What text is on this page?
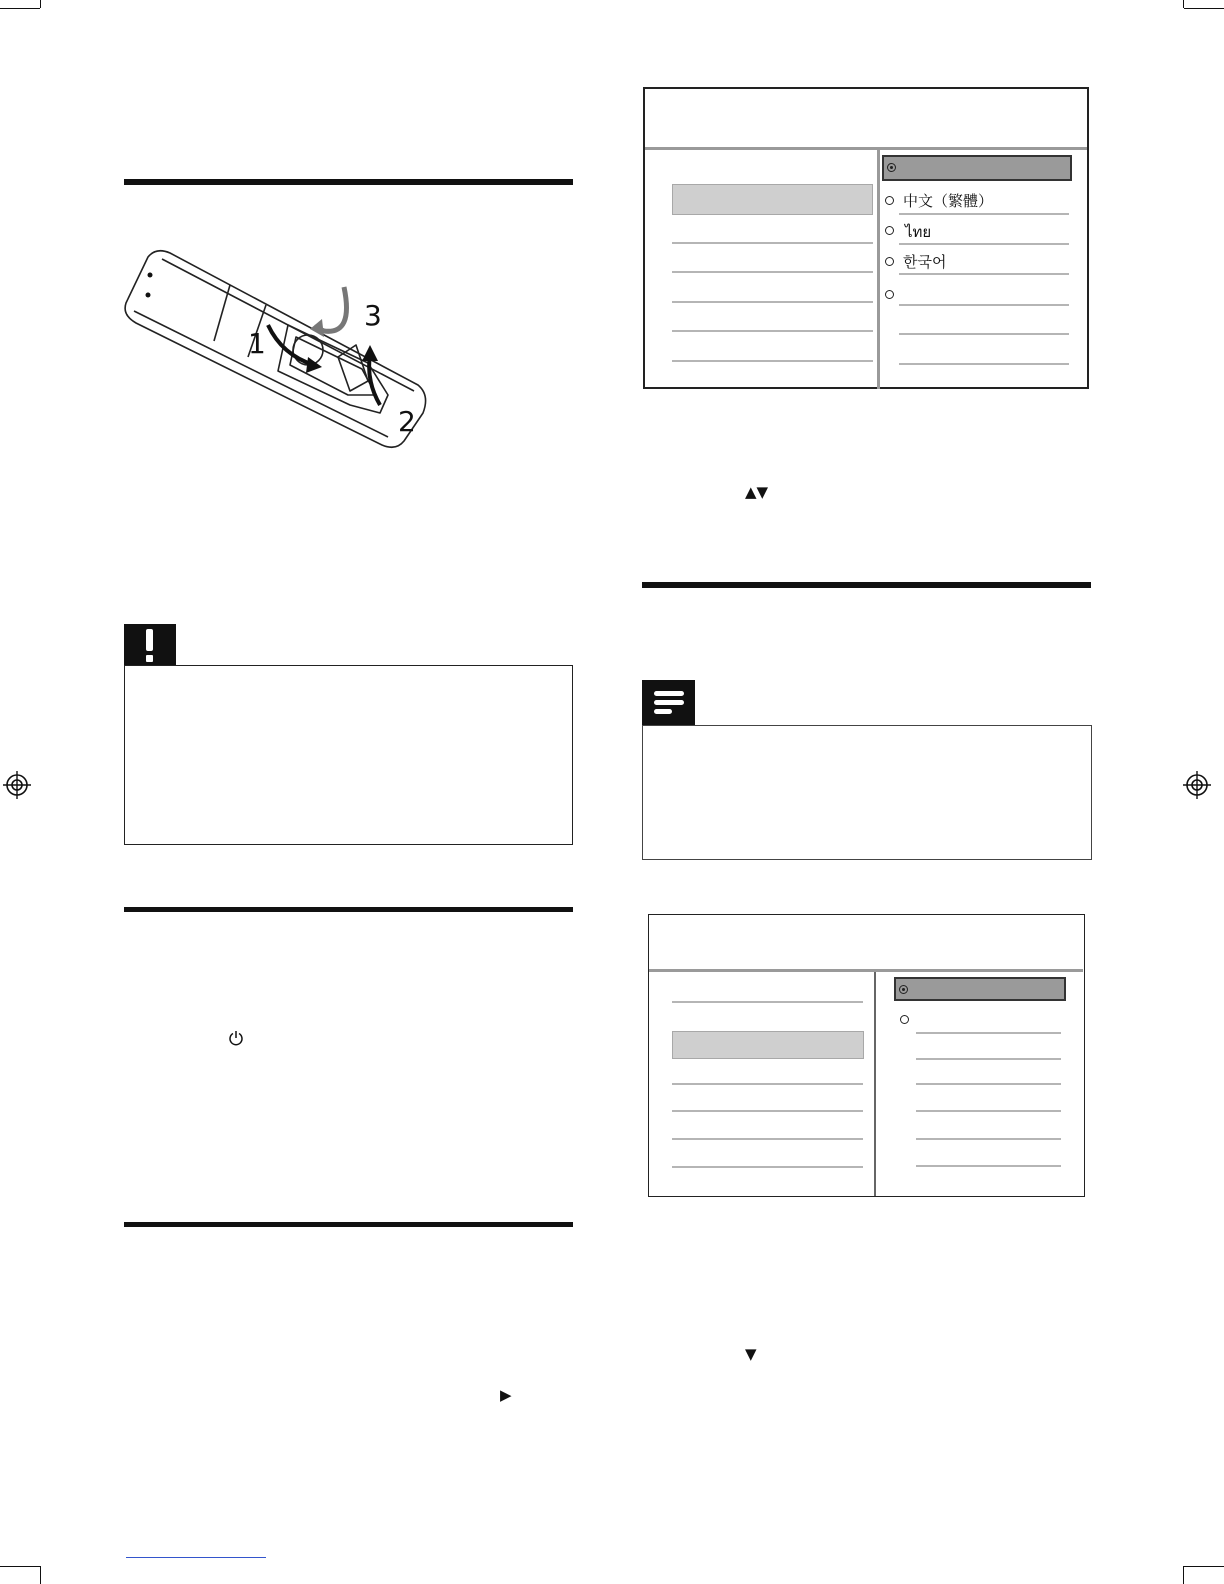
1
2
3
▶
中文（繁體）
ไทย
한국어
▲▼
▼
